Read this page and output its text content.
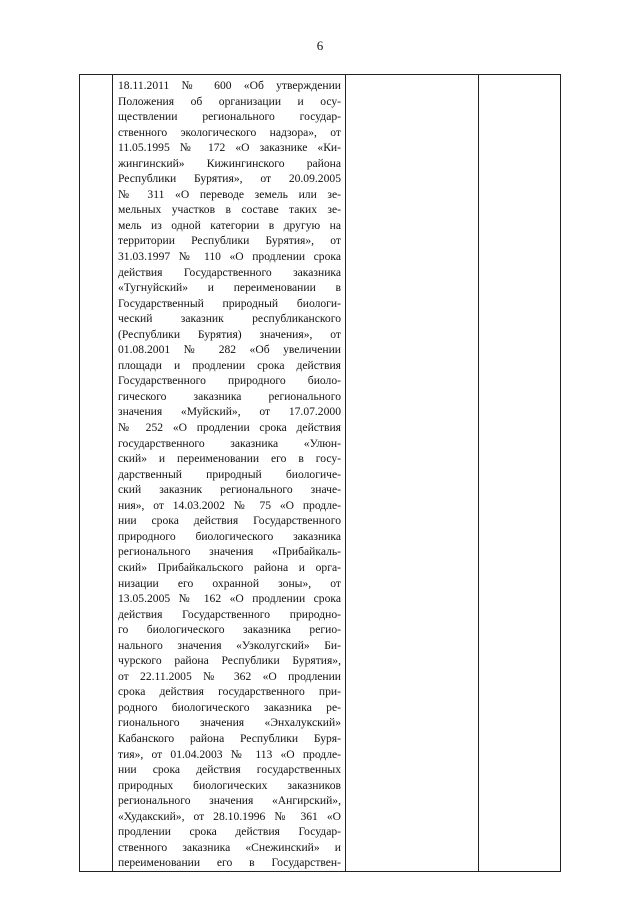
6

18.11.2011 № 600 «Об утверждении
Положения об организации и осу-
ществлении регионального государ-
ственного экологического надзора», от
11.05.1995 № 172 «О заказнике «Ки-
жингинский» Кижингинского района
Республики Бурятия», от 20.09.2005
№ 311 «О переводе земель или зе-
мельных участков в составе таких зе-
мель из одной категории в другую на
территории Республики Бурятия», от
31.03.1997 № 110 «О продлении срока
действия Государственного заказника
«Тугнуйский» и переименовании в
Государственный природный биологи-
ческий заказник республиканского
(Республики Бурятия) значения», от
01.08.2001 № 282 «Об увеличении
площади и продлении срока действия
Государственного природного биоло-
гического заказника регионального
значения «Муйский», от 17.07.2000
№ 252 «О продлении срока действия
государственного заказника «Улюн-
ский» и переименовании его в госу-
дарственный природный биологиче-
ский заказник регионального значе-
ния», от 14.03.2002 № 75 «О продле-
нии срока действия Государственного
природного биологического заказника
регионального значения «Прибайкаль-
ский» Прибайкальского района и орга-
низации его охранной зоны», от
13.05.2005 № 162 «О продлении срока
действия Государственного природно-
го биологического заказника регио-
нального значения «Узколугский» Би-
чурского района Республики Бурятия»,
от 22.11.2005 № 362 «О продлении
срока действия государственного при-
родного биологического заказника ре-
гионального значения «Энхалукский»
Кабанского района Республики Буря-
тия», от 01.04.2003 № 113 «О продле-
нии срока действия государственных
природных биологических заказников
регионального значения «Ангирский»,
«Худакский», от 28.10.1996 № 361 «О
продлении срока действия Государ-
ственного заказника «Снежинский» и
переименовании его в Государствен-
